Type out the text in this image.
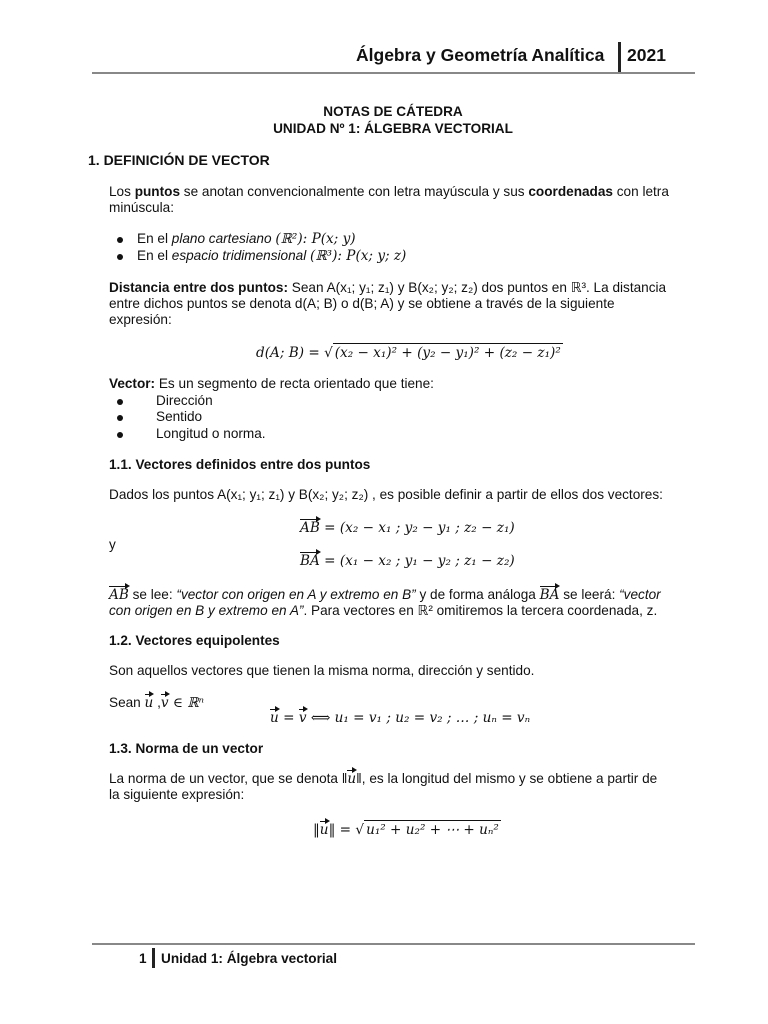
Álgebra y Geometría Analítica 2021
NOTAS DE CÁTEDRA
UNIDAD Nº 1: ÁLGEBRA VECTORIAL
1. DEFINICIÓN DE VECTOR
Los puntos se anotan convencionalmente con letra mayúscula y sus coordenadas con letra minúscula:
En el plano cartesiano (ℝ²): P(x; y)
En el espacio tridimensional (ℝ³): P(x; y; z)
Distancia entre dos puntos: Sean A(x₁; y₁; z₁) y B(x₂; y₂; z₂) dos puntos en ℝ³. La distancia
entre dichos puntos se denota d(A; B) o d(B; A) y se obtiene a través de la siguiente
expresión:
d(A; B) = √ (x₂ − x₁)² + (y₂ − y₁)² + (z₂ − z₁)²
Vector: Es un segmento de recta orientado que tiene:
Dirección
Sentido
Longitud o norma.
1.1. Vectores definidos entre dos puntos
Dados los puntos A(x₁; y₁; z₁) y B(x₂; y₂; z₂) , es posible definir a partir de ellos dos vectores:
AB = (x₂ − x₁ ; y₂ − y₁ ; z₂ − z₁)
y
BA = (x₁ − x₂ ; y₁ − y₂ ; z₁ − z₂)
AB se lee: “vector con origen en A y extremo en B” y de forma análoga BA se leerá: “vector
con origen en B y extremo en A”. Para vectores en ℝ² omitiremos la tercera coordenada, z.
1.2. Vectores equipolentes
Son aquellos vectores que tienen la misma norma, dirección y sentido.
Sean u ,v ∈ ℝⁿ
u = v ⟺ u₁ = v₁ ; u₂ = v₂ ; … ; uₙ = vₙ
1.3. Norma de un vector
La norma de un vector, que se denota ‖u‖, es la longitud del mismo y se obtiene a partir de
la siguiente expresión:
‖u‖ = √ u₁² + u₂² + ⋯ + uₙ²
1 Unidad 1: Álgebra vectorial
